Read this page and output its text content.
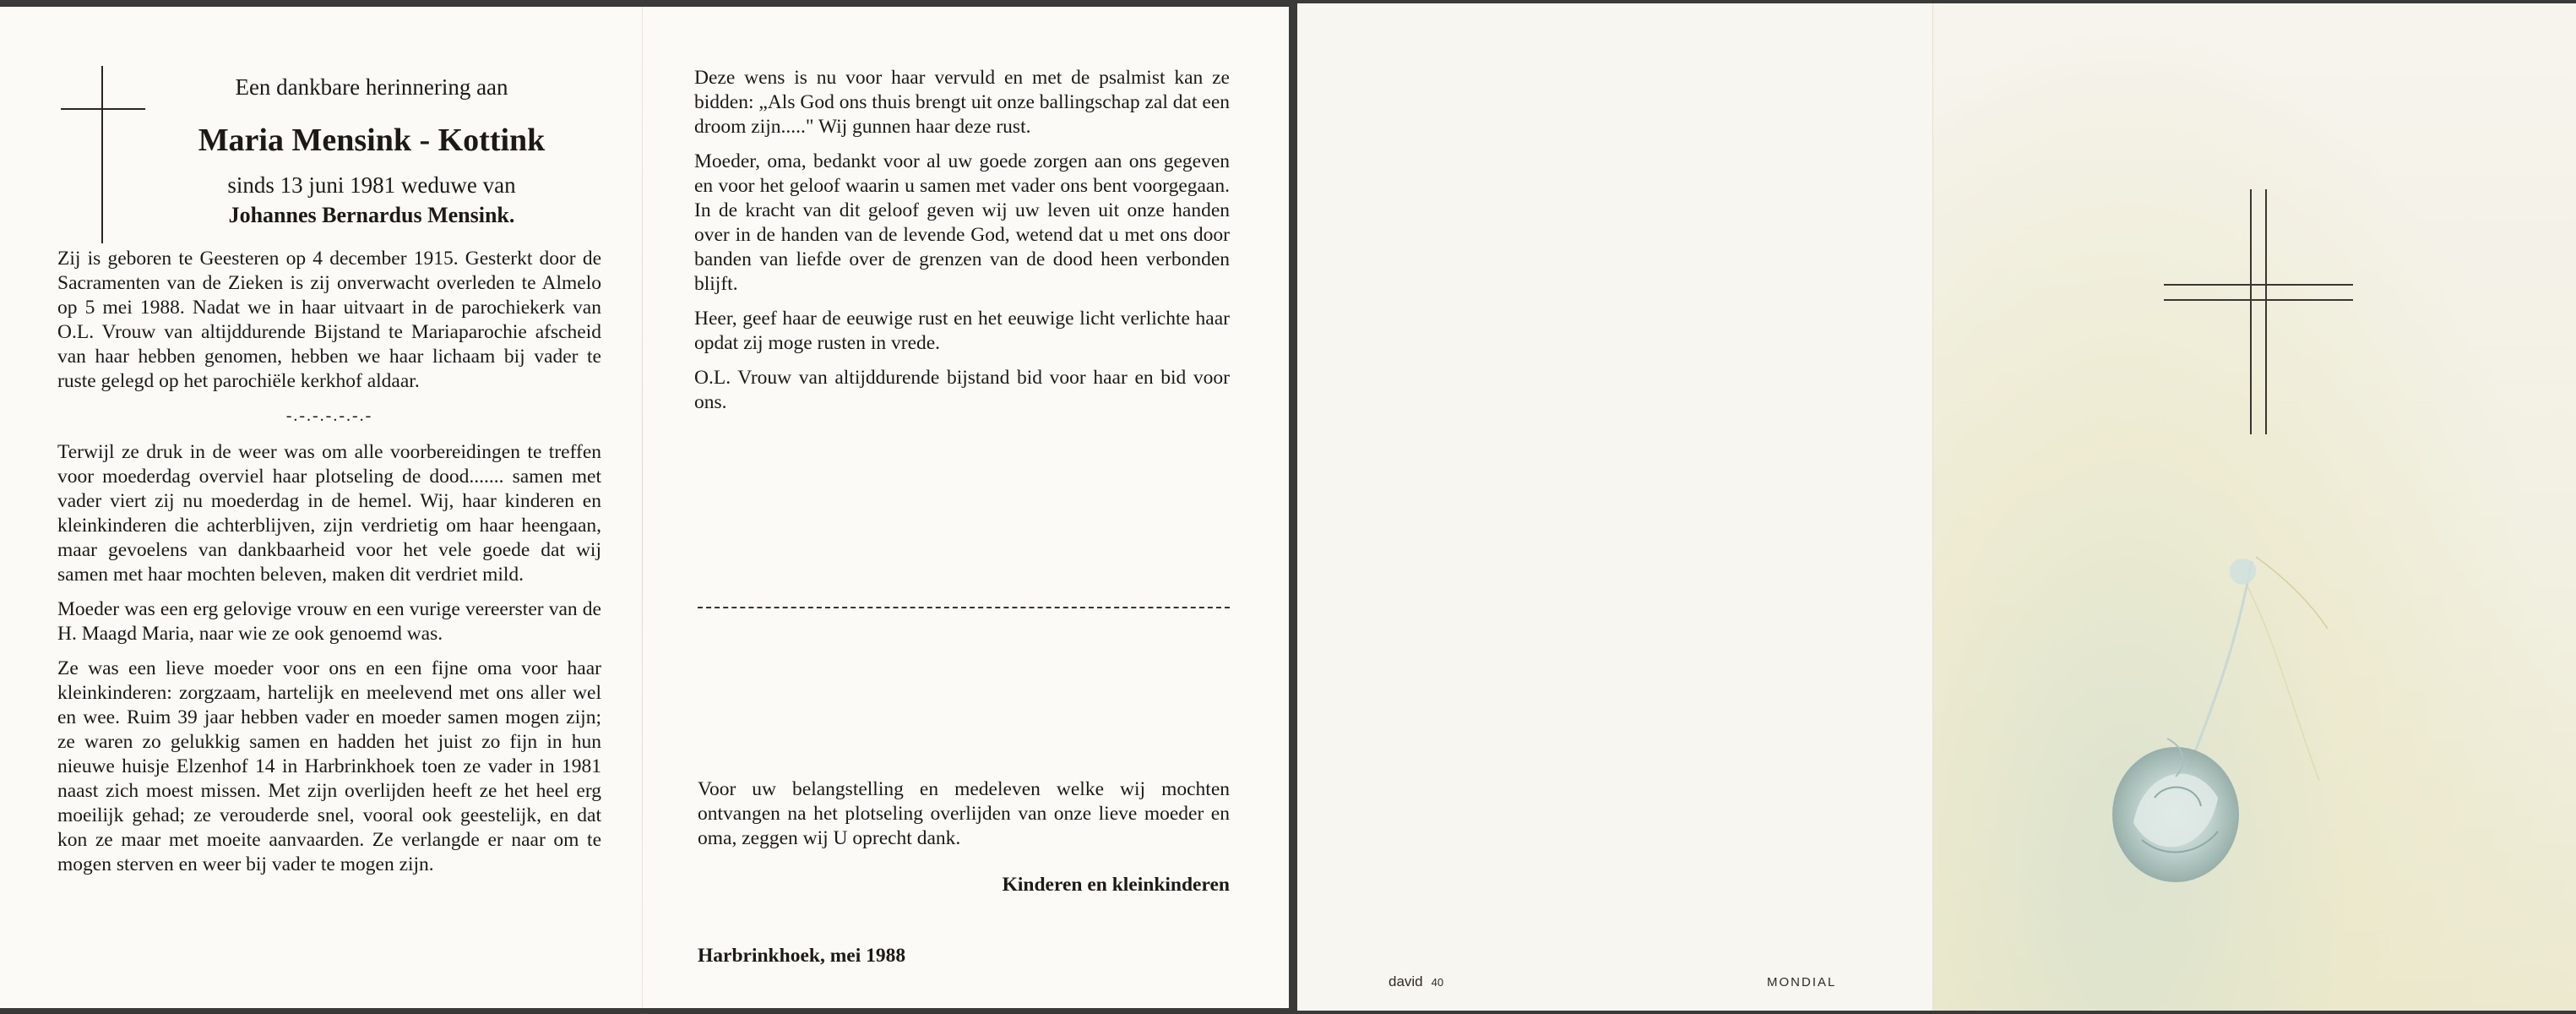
Een dankbare herinnering aan
Maria Mensink - Kottink
sinds 13 juni 1981 weduwe van
Johannes Bernardus Mensink.

Zij is geboren te Geesteren op 4 december 1915. Gesterkt door de Sacramenten van de Zieken is zij onverwacht overleden te Almelo op 5 mei 1988. Nadat we in haar uitvaart in de parochiekerk van O.L. Vrouw van altijddurende Bijstand te Mariaparochie afscheid van haar hebben genomen, hebben we haar lichaam bij vader te ruste gelegd op het parochiële kerkhof aldaar.

-.-.-.-.-.-.-

Terwijl ze druk in de weer was om alle voorbereidingen te treffen voor moederdag overviel haar plotseling de dood....... samen met vader viert zij nu moederdag in de hemel. Wij, haar kinderen en kleinkinderen die achterblijven, zijn verdrietig om haar heengaan, maar gevoelens van dankbaarheid voor het vele goede dat wij samen met haar mochten beleven, maken dit verdriet mild.

Moeder was een erg gelovige vrouw en een vurige vereerster van de H. Maagd Maria, naar wie ze ook genoemd was.

Ze was een lieve moeder voor ons en een fijne oma voor haar kleinkinderen: zorgzaam, hartelijk en meelevend met ons aller wel en wee. Ruim 39 jaar hebben vader en moeder samen mogen zijn; ze waren zo gelukkig samen en hadden het juist zo fijn in hun nieuwe huisje Elzenhof 14 in Harbrinkhoek toen ze vader in 1981 naast zich moest missen. Met zijn overlijden heeft ze het heel erg moeilijk gehad; ze verouderde snel, vooral ook geestelijk, en dat kon ze maar met moeite aanvaarden. Ze verlangde er naar om te mogen sterven en weer bij vader te mogen zijn.

Deze wens is nu voor haar vervuld en met de psalmist kan ze bidden: „Als God ons thuis brengt uit onze ballingschap zal dat een droom zijn....." Wij gunnen haar deze rust.

Moeder, oma, bedankt voor al uw goede zorgen aan ons gegeven en voor het geloof waarin u samen met vader ons bent voorgegaan. In de kracht van dit geloof geven wij uw leven uit onze handen over in de handen van de levende God, wetend dat u met ons door banden van liefde over de grenzen van de dood heen verbonden blijft.

Heer, geef haar de eeuwige rust en het eeuwige licht verlichte haar opdat zij moge rusten in vrede.

O.L. Vrouw van altijddurende bijstand bid voor haar en bid voor ons.

Voor uw belangstelling en medeleven welke wij mochten ontvangen na het plotseling overlijden van onze lieve moeder en oma, zeggen wij U oprecht dank.
Kinderen en kleinkinderen
Harbrinkhoek, mei 1988
david 40	MONDIAL
